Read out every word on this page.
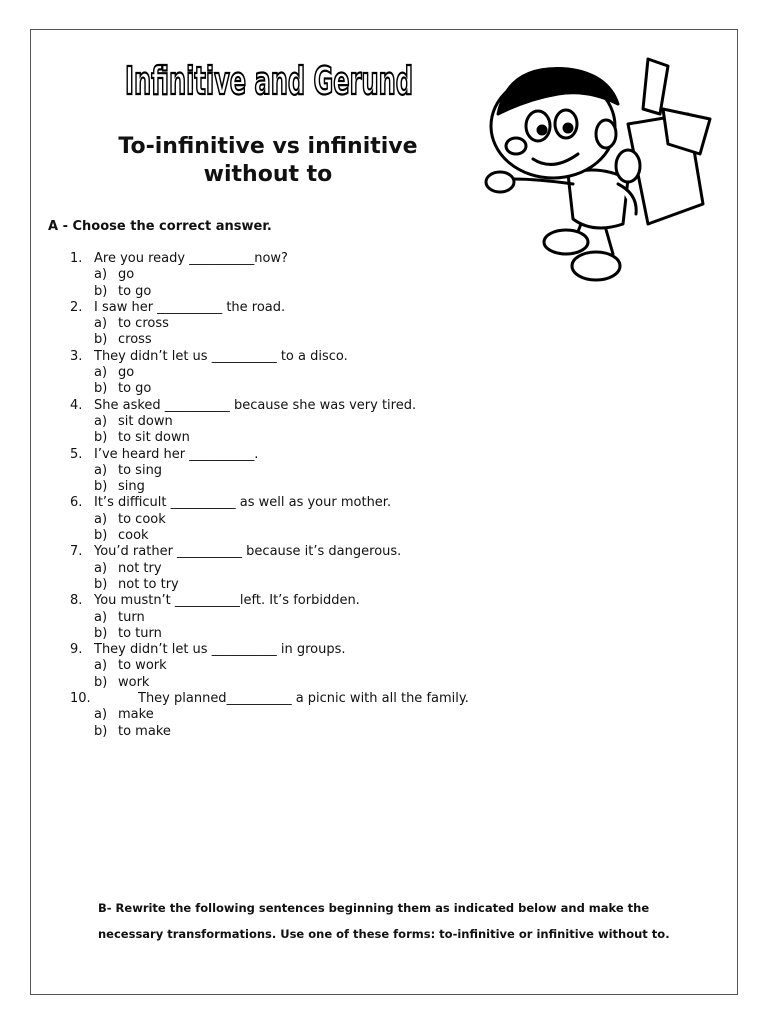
Infinitive and Gerund
To-infinitive vs infinitive
without to
A - Choose the correct answer.
1. Are you ready __________now?
a) go
b) to go
2. I saw her __________ the road.
a) to cross
b) cross
3. They didn’t let us __________ to a disco.
a) go
b) to go
4. She asked __________ because she was very tired.
a) sit down
b) to sit down
5. I’ve heard her __________.
a) to sing
b) sing
6. It’s difficult __________ as well as your mother.
a) to cook
b) cook
7. You’d rather __________ because it’s dangerous.
a) not try
b) not to try
8. You mustn’t __________left. It’s forbidden.
a) turn
b) to turn
9. They didn’t let us __________ in groups.
a) to work
b) work
10.	They planned__________ a picnic with all the family.
a) make
b) to make
B- Rewrite the following sentences beginning them as indicated below and make the
necessary transformations. Use one of these forms: to-infinitive or infinitive without to.
